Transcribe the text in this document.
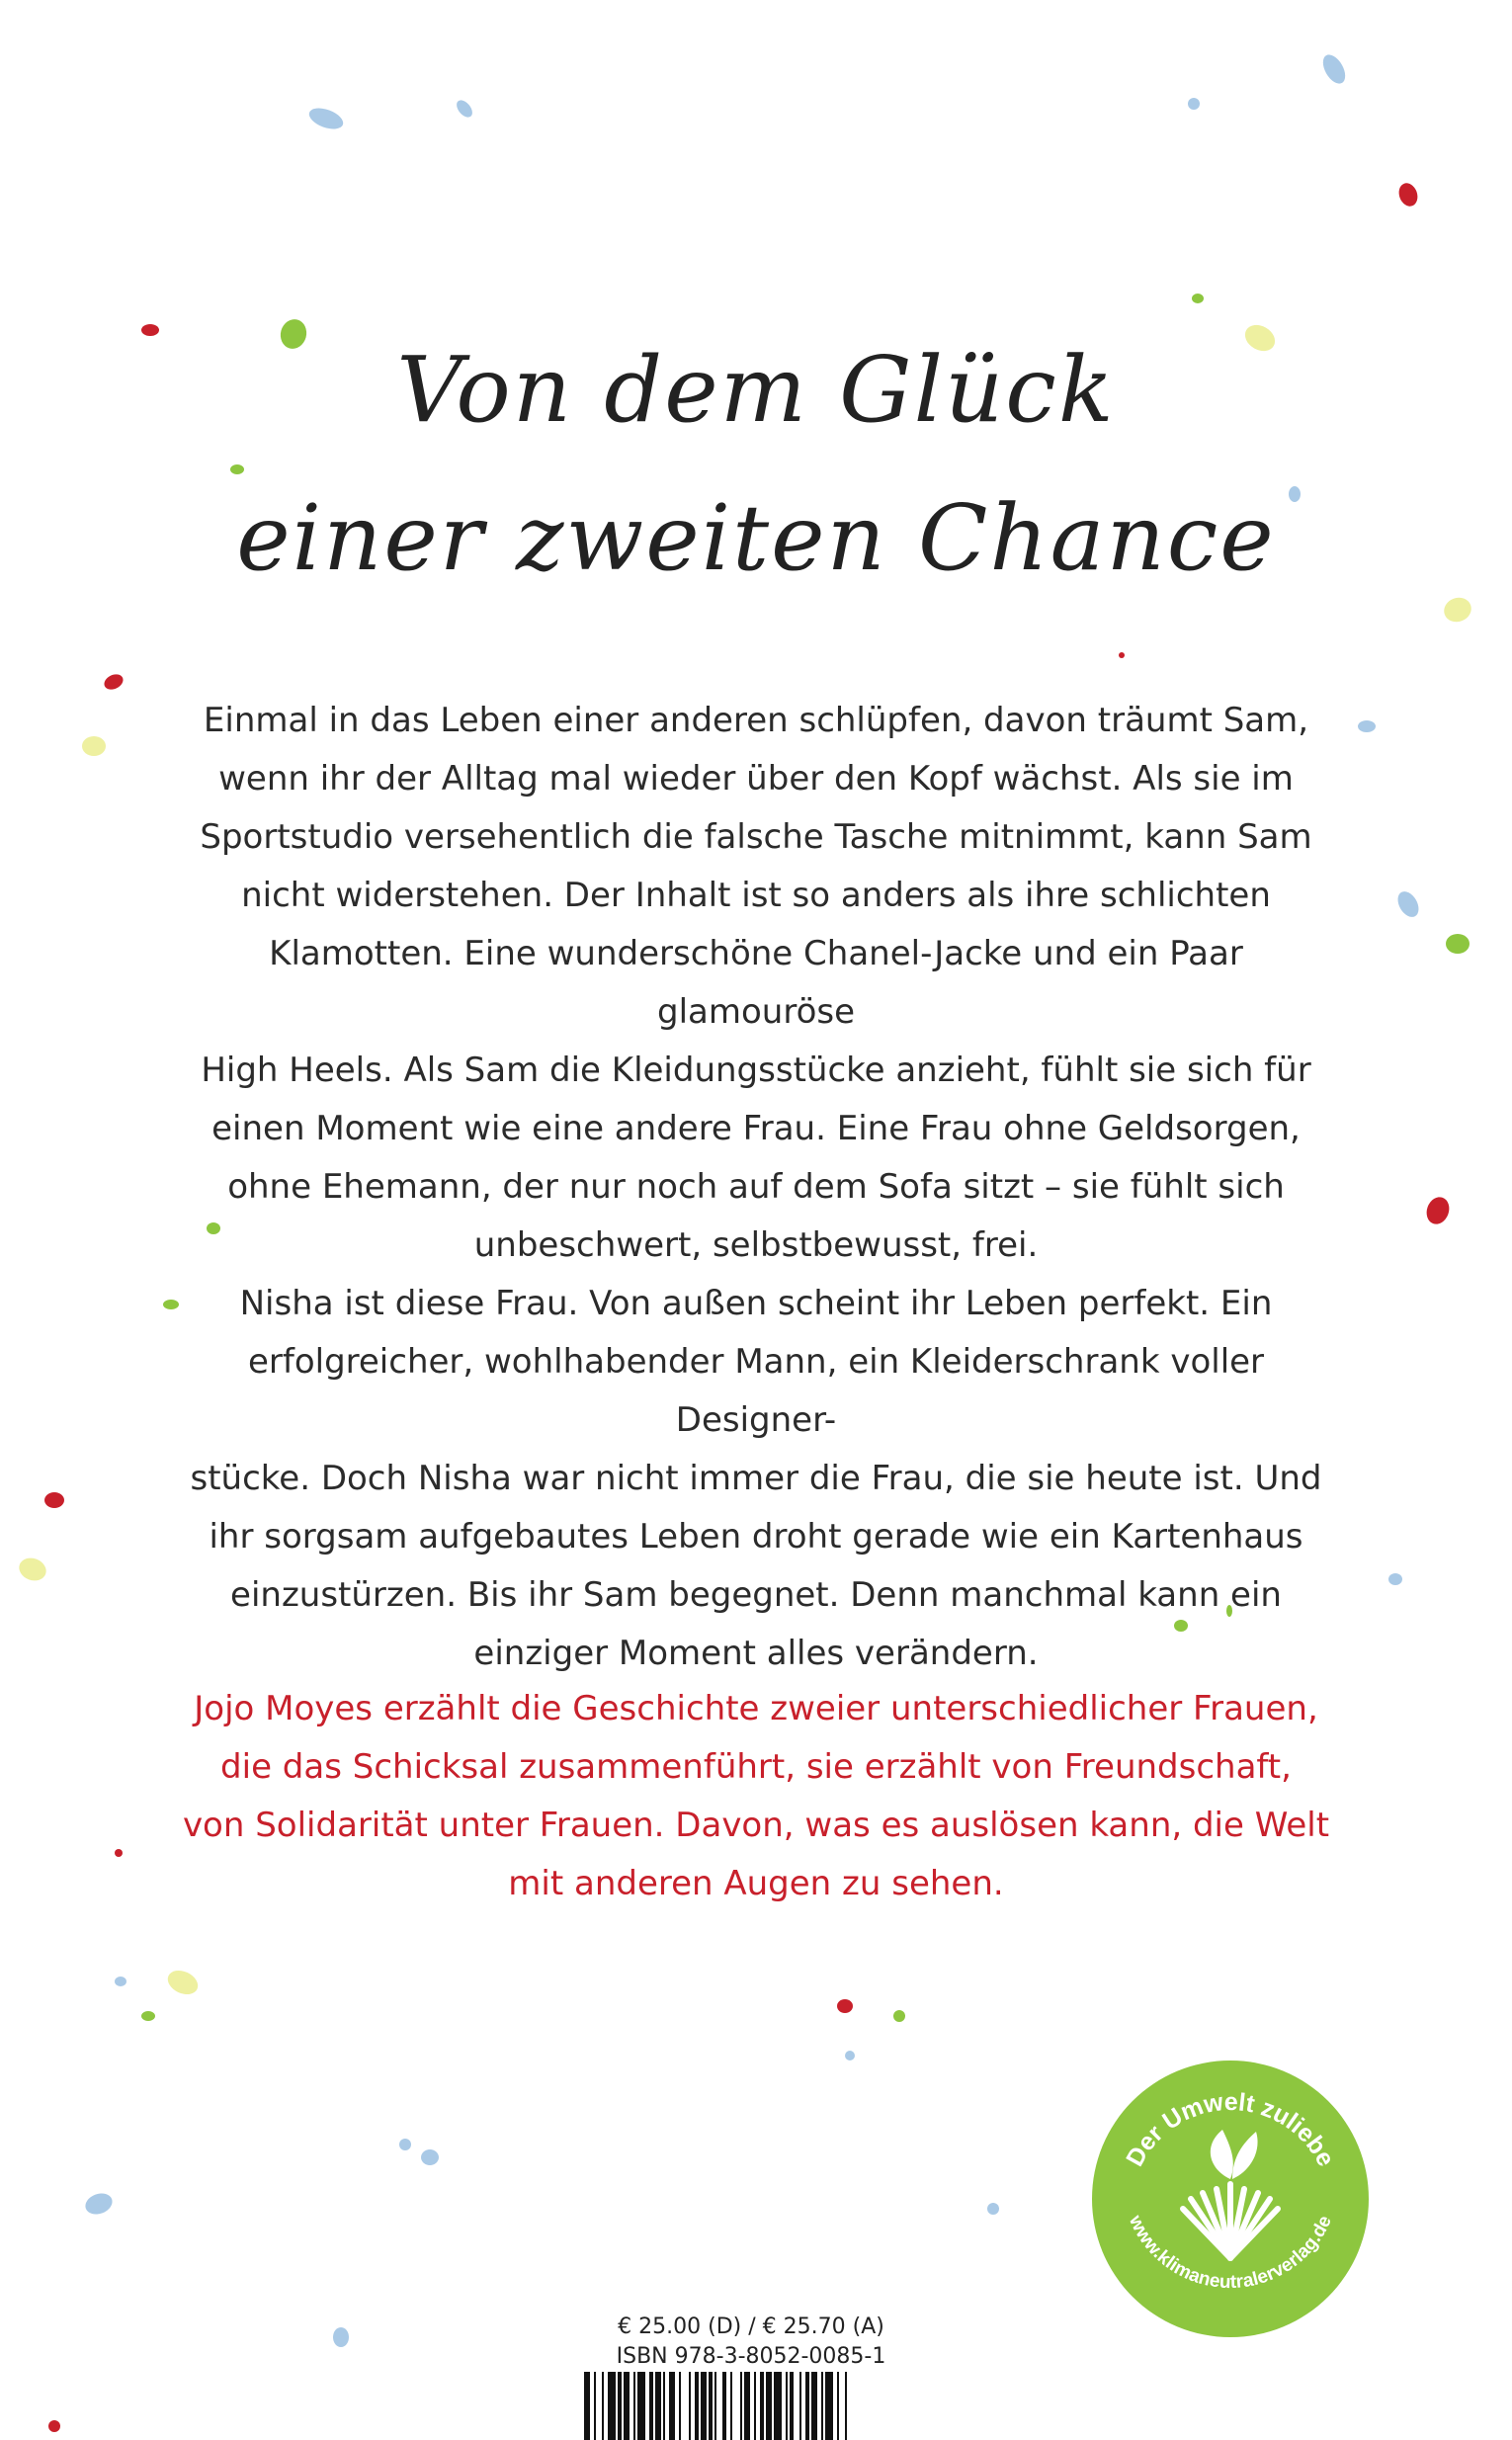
Von dem Glück
einer zweiten Chance

Einmal in das Leben einer anderen schlüpfen, davon träumt Sam,
wenn ihr der Alltag mal wieder über den Kopf wächst. Als sie im
Sportstudio versehentlich die falsche Tasche mitnimmt, kann Sam
nicht widerstehen. Der Inhalt ist so anders als ihre schlichten
Klamotten. Eine wunderschöne Chanel-Jacke und ein Paar glamouröse
High Heels. Als Sam die Kleidungsstücke anzieht, fühlt sie sich für
einen Moment wie eine andere Frau. Eine Frau ohne Geldsorgen,
ohne Ehemann, der nur noch auf dem Sofa sitzt – sie fühlt sich
unbeschwert, selbstbewusst, frei.

Nisha ist diese Frau. Von außen scheint ihr Leben perfekt. Ein
erfolgreicher, wohlhabender Mann, ein Kleiderschrank voller Designer-
stücke. Doch Nisha war nicht immer die Frau, die sie heute ist. Und
ihr sorgsam aufgebautes Leben droht gerade wie ein Kartenhaus
einzustürzen. Bis ihr Sam begegnet. Denn manchmal kann ein
einziger Moment alles verändern.

Jojo Moyes erzählt die Geschichte zweier unterschiedlicher Frauen,
die das Schicksal zusammenführt, sie erzählt von Freundschaft,
von Solidarität unter Frauen. Davon, was es auslösen kann, die Welt
mit anderen Augen zu sehen.

Der Umwelt zuliebe
www.klimaneutralerverlag.de
€ 25.00 (D) / € 25.70 (A)
ISBN 978-3-8052-0085-1
